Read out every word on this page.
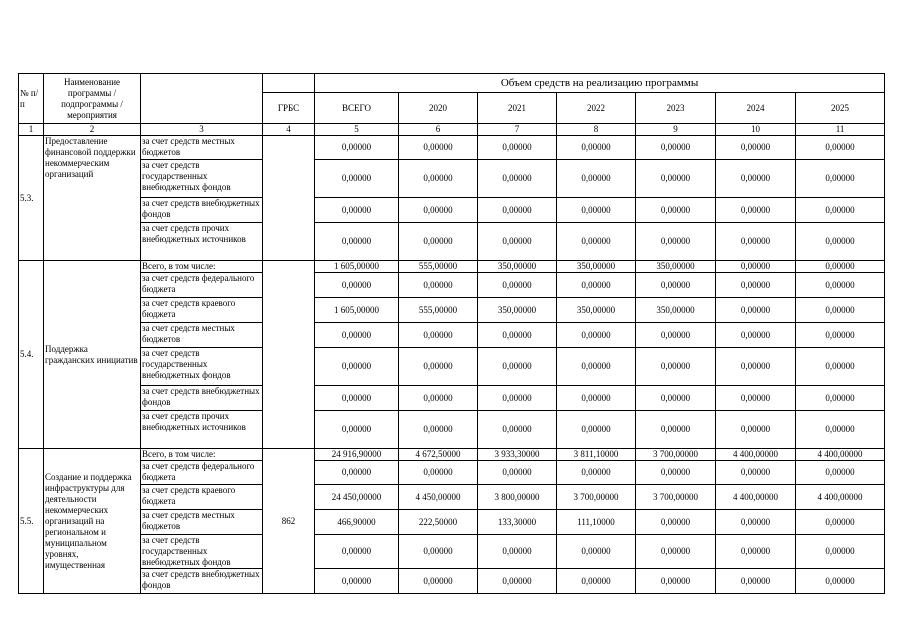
№ п/п	Наименование программы / подпрограммы / мероприятия			Объем средств на реализацию программы						
			ГРБС	ВСЕГО	2020	2021	2022	2023	2024	2025
1	2	3	4	5	6	7	8	9	10	11
5.3.	Предоставление финансовой поддержки некоммерческим организаций	за счет средств местных бюджетов		0,00000	0,00000	0,00000	0,00000	0,00000	0,00000	0,00000
		за счет средств государственных внебюджетных фондов		0,00000	0,00000	0,00000	0,00000	0,00000	0,00000	0,00000
		за счет средств внебюджетных фондов		0,00000	0,00000	0,00000	0,00000	0,00000	0,00000	0,00000
		за счет средств прочих внебюджетных источников		0,00000	0,00000	0,00000	0,00000	0,00000	0,00000	0,00000
5.4.	Поддержка гражданских инициатив	Всего, в том числе:		1 605,00000	555,00000	350,00000	350,00000	350,00000	0,00000	0,00000
		за счет средств федерального бюджета		0,00000	0,00000	0,00000	0,00000	0,00000	0,00000	0,00000
		за счет средств краевого бюджета		1 605,00000	555,00000	350,00000	350,00000	350,00000	0,00000	0,00000
		за счет средств местных бюджетов		0,00000	0,00000	0,00000	0,00000	0,00000	0,00000	0,00000
		за счет средств государственных внебюджетных фондов		0,00000	0,00000	0,00000	0,00000	0,00000	0,00000	0,00000
		за счет средств внебюджетных фондов		0,00000	0,00000	0,00000	0,00000	0,00000	0,00000	0,00000
		за счет средств прочих внебюджетных источников		0,00000	0,00000	0,00000	0,00000	0,00000	0,00000	0,00000
5.5.	Создание и поддержка инфраструктуры для деятельности некоммерческих организаций на региональном и муниципальном уровнях, имущественная	Всего, в том числе:	862	24 916,90000	4 672,50000	3 933,30000	3 811,10000	3 700,00000	4 400,00000	4 400,00000
		за счет средств федерального бюджета		0,00000	0,00000	0,00000	0,00000	0,00000	0,00000	0,00000
		за счет средств краевого бюджета		24 450,00000	4 450,00000	3 800,00000	3 700,00000	3 700,00000	4 400,00000	4 400,00000
		за счет средств местных бюджетов		466,90000	222,50000	133,30000	111,10000	0,00000	0,00000	0,00000
		за счет средств государственных внебюджетных фондов		0,00000	0,00000	0,00000	0,00000	0,00000	0,00000	0,00000
		за счет средств внебюджетных фондов		0,00000	0,00000	0,00000	0,00000	0,00000	0,00000	0,00000
